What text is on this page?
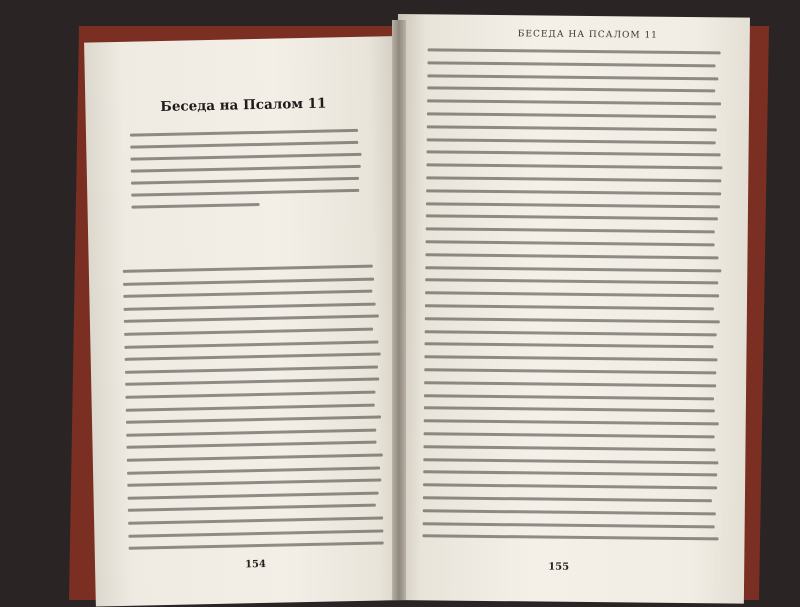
Беседа на Псалом 11
154
БЕСЕДА НА ПСАЛОМ 11
155
